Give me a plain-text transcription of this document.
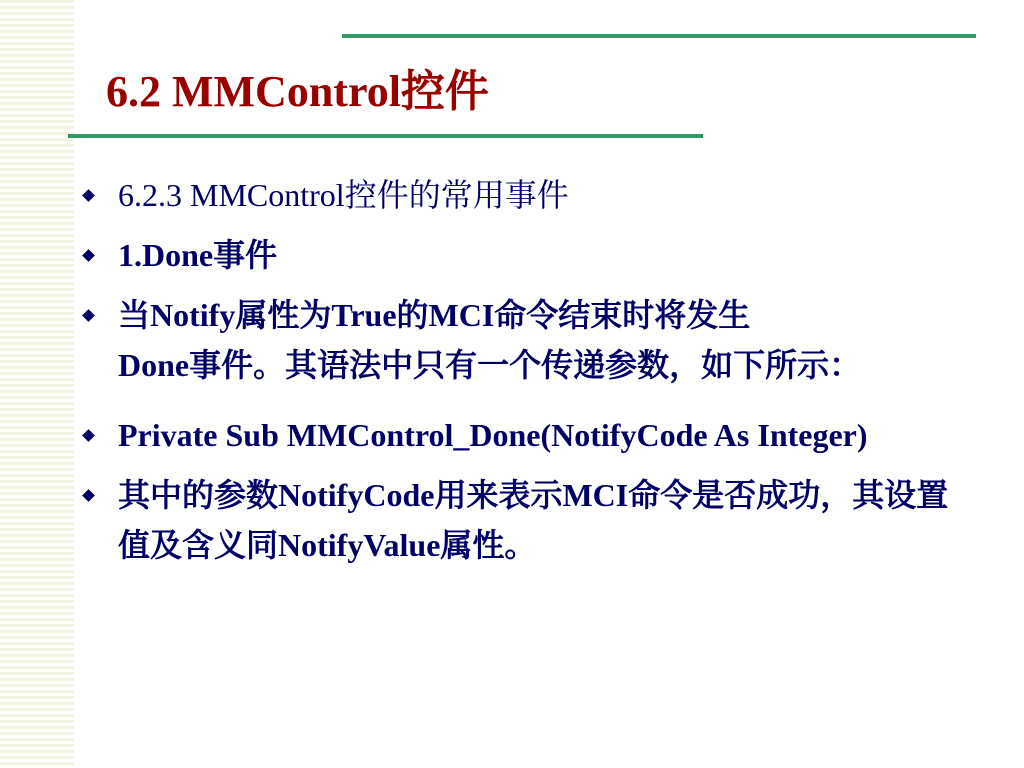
6.2 MMControl控件
6.2.3 MMControl控件的常用事件
1.Done事件
当Notify属性为True的MCI命令结束时将发生
Done事件。其语法中只有一个传递参数，如下所示：
Private Sub MMControl_Done(NotifyCode As Integer)
其中的参数NotifyCode用来表示MCI命令是否成功，其设置值及含义同NotifyValue属性。
